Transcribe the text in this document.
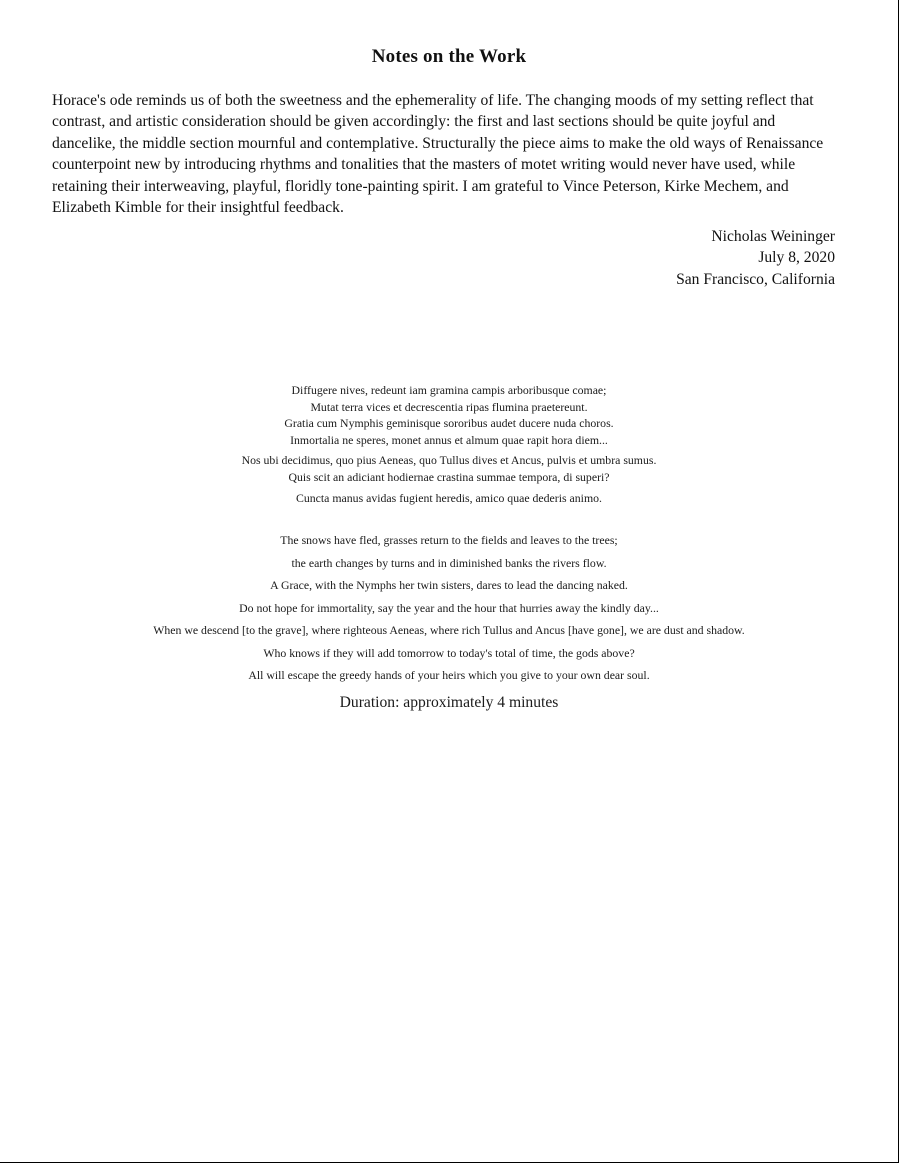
Notes on the Work
Horace's ode reminds us of both the sweetness and the ephemerality of life. The changing moods of my setting reflect that contrast, and artistic consideration should be given accordingly: the first and last sections should be quite joyful and dancelike, the middle section mournful and contemplative. Structurally the piece aims to make the old ways of Renaissance counterpoint new by introducing rhythms and tonalities that the masters of motet writing would never have used, while retaining their interweaving, playful, floridly tone-painting spirit. I am grateful to Vince Peterson, Kirke Mechem, and Elizabeth Kimble for their insightful feedback.
Nicholas Weininger
July 8, 2020
San Francisco, California
Diffugere nives, redeunt iam gramina campis arboribusque comae;
Mutat terra vices et decrescentia ripas flumina praetereunt.
Gratia cum Nymphis geminisque sororibus audet ducere nuda choros.
Inmortalia ne speres, monet annus et almum quae rapit hora diem...
Nos ubi decidimus, quo pius Aeneas, quo Tullus dives et Ancus, pulvis et umbra sumus.
Quis scit an adiciant hodiernae crastina summae tempora, di superi?
Cuncta manus avidas fugient heredis, amico quae dederis animo.
The snows have fled, grasses return to the fields and leaves to the trees;
the earth changes by turns and in diminished banks the rivers flow.
A Grace, with the Nymphs her twin sisters, dares to lead the dancing naked.
Do not hope for immortality, say the year and the hour that hurries away the kindly day...
When we descend [to the grave], where righteous Aeneas, where rich Tullus and Ancus [have gone], we are dust and shadow.
Who knows if they will add tomorrow to today's total of time, the gods above?
All will escape the greedy hands of your heirs which you give to your own dear soul.
Duration: approximately 4 minutes
